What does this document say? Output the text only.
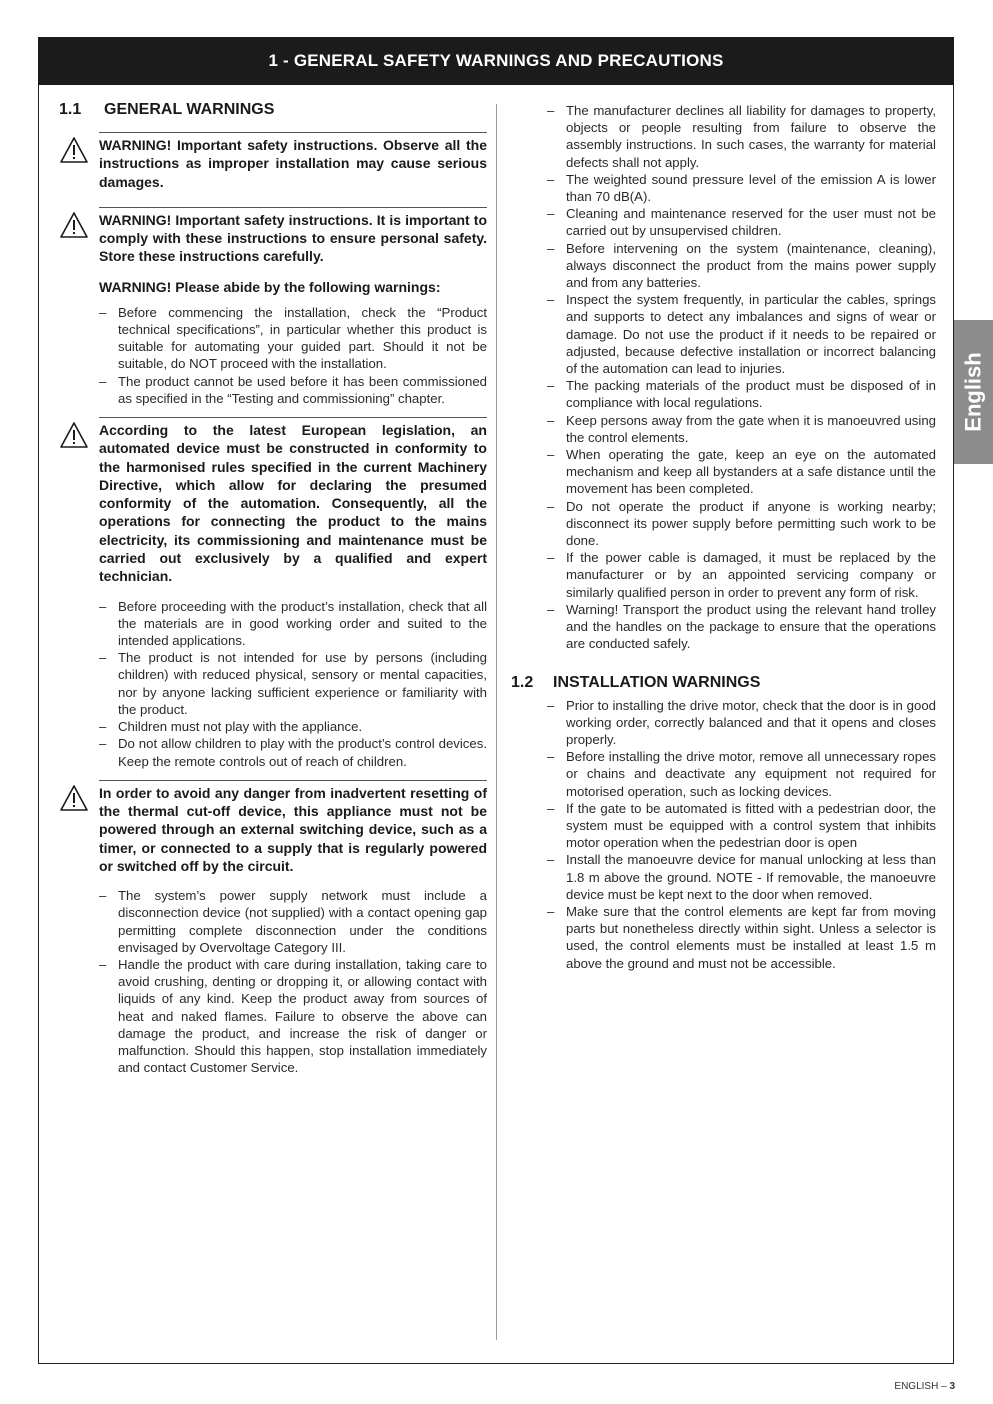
1 - GENERAL SAFETY WARNINGS AND PRECAUTIONS
1.1	GENERAL WARNINGS
WARNING! Important safety instructions. Observe all the instructions as improper installation may cause serious damages.
WARNING! Important safety instructions. It is important to comply with these instructions to ensure personal safety. Store these instructions carefully.
WARNING! Please abide by the following warnings:
– Before commencing the installation, check the “Product technical specifications”, in particular whether this product is suitable for automating your guided part. Should it not be suitable, do NOT proceed with the installation.
– The product cannot be used before it has been commissioned as specified in the “Testing and commissioning” chapter.
According to the latest European legislation, an automated device must be constructed in conformity to the harmonised rules specified in the current Machinery Directive, which allow for declaring the presumed conformity of the automation. Consequently, all the operations for connecting the product to the mains electricity, its commissioning and maintenance must be carried out exclusively by a qualified and expert technician.
– Before proceeding with the product’s installation, check that all the materials are in good working order and suited to the intended applications.
– The product is not intended for use by persons (including children) with reduced physical, sensory or mental capacities, nor by anyone lacking sufficient experience or familiarity with the product.
– Children must not play with the appliance.
– Do not allow children to play with the product’s control devices. Keep the remote controls out of reach of children.
In order to avoid any danger from inadvertent resetting of the thermal cut-off device, this appliance must not be powered through an external switching device, such as a timer, or connected to a supply that is regularly powered or switched off by the circuit.
– The system’s power supply network must include a disconnection device (not supplied) with a contact opening gap permitting complete disconnection under the conditions envisaged by Overvoltage Category III.
– Handle the product with care during installation, taking care to avoid crushing, denting or dropping it, or allowing contact with liquids of any kind. Keep the product away from sources of heat and naked flames. Failure to observe the above can damage the product, and increase the risk of danger or malfunction. Should this happen, stop installation immediately and contact Customer Service.
– The manufacturer declines all liability for damages to property, objects or people resulting from failure to observe the assembly instructions. In such cases, the warranty for material defects shall not apply.
– The weighted sound pressure level of the emission A is lower than 70 dB(A).
– Cleaning and maintenance reserved for the user must not be carried out by unsupervised children.
– Before intervening on the system (maintenance, cleaning), always disconnect the product from the mains power supply and from any batteries.
– Inspect the system frequently, in particular the cables, springs and supports to detect any imbalances and signs of wear or damage. Do not use the product if it needs to be repaired or adjusted, because defective installation or incorrect balancing of the automation can lead to injuries.
– The packing materials of the product must be disposed of in compliance with local regulations.
– Keep persons away from the gate when it is manoeuvred using the control elements.
– When operating the gate, keep an eye on the automated mechanism and keep all bystanders at a safe distance until the movement has been completed.
– Do not operate the product if anyone is working nearby; disconnect its power supply before permitting such work to be done.
– If the power cable is damaged, it must be replaced by the manufacturer or by an appointed servicing company or similarly qualified person in order to prevent any form of risk.
– Warning! Transport the product using the relevant hand trolley and the handles on the package to ensure that the operations are conducted safely.
1.2	INSTALLATION WARNINGS
– Prior to installing the drive motor, check that the door is in good working order, correctly balanced and that it opens and closes properly.
– Before installing the drive motor, remove all unnecessary ropes or chains and deactivate any equipment not required for motorised operation, such as locking devices.
– If the gate to be automated is fitted with a pedestrian door, the system must be equipped with a control system that inhibits motor operation when the pedestrian door is open
– Install the manoeuvre device for manual unlocking at less than 1.8 m above the ground. NOTE - If removable, the manoeuvre device must be kept next to the door when removed.
– Make sure that the control elements are kept far from moving parts but nonetheless directly within sight. Unless a selector is used, the control elements must be installed at least 1.5 m above the ground and must not be accessible.
English
ENGLISH – 3
